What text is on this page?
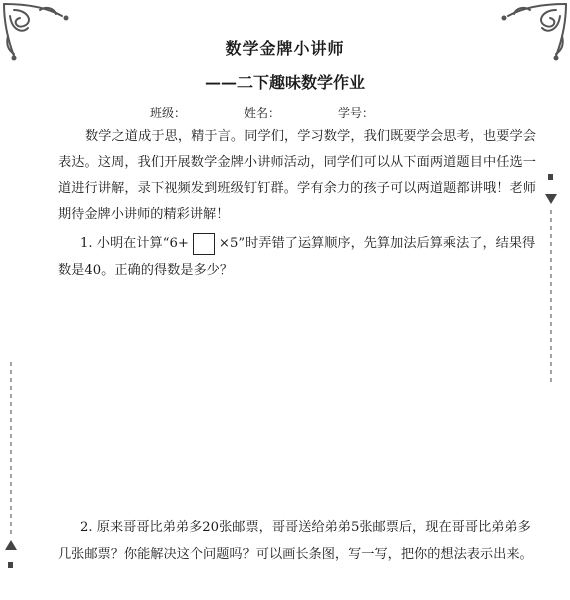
数学金牌小讲师
——二下趣味数学作业
班级：	姓名：	学号：

数学之道成于思，精于言。同学们，学习数学，我们既要学会思考，也要学会表达。这周，我们开展数学金牌小讲师活动，同学们可以从下面两道题目中任选一道进行讲解，录下视频发到班级钉钉群。学有余力的孩子可以两道题都讲哦！老师期待金牌小讲师的精彩讲解！

1. 小明在计算“6+ ×5”时弄错了运算顺序，先算加法后算乘法了，结果得数是40。正确的得数是多少？

2. 原来哥哥比弟弟多20张邮票，哥哥送给弟弟5张邮票后，现在哥哥比弟弟多几张邮票？你能解决这个问题吗？可以画长条图，写一写，把你的想法表示出来。
